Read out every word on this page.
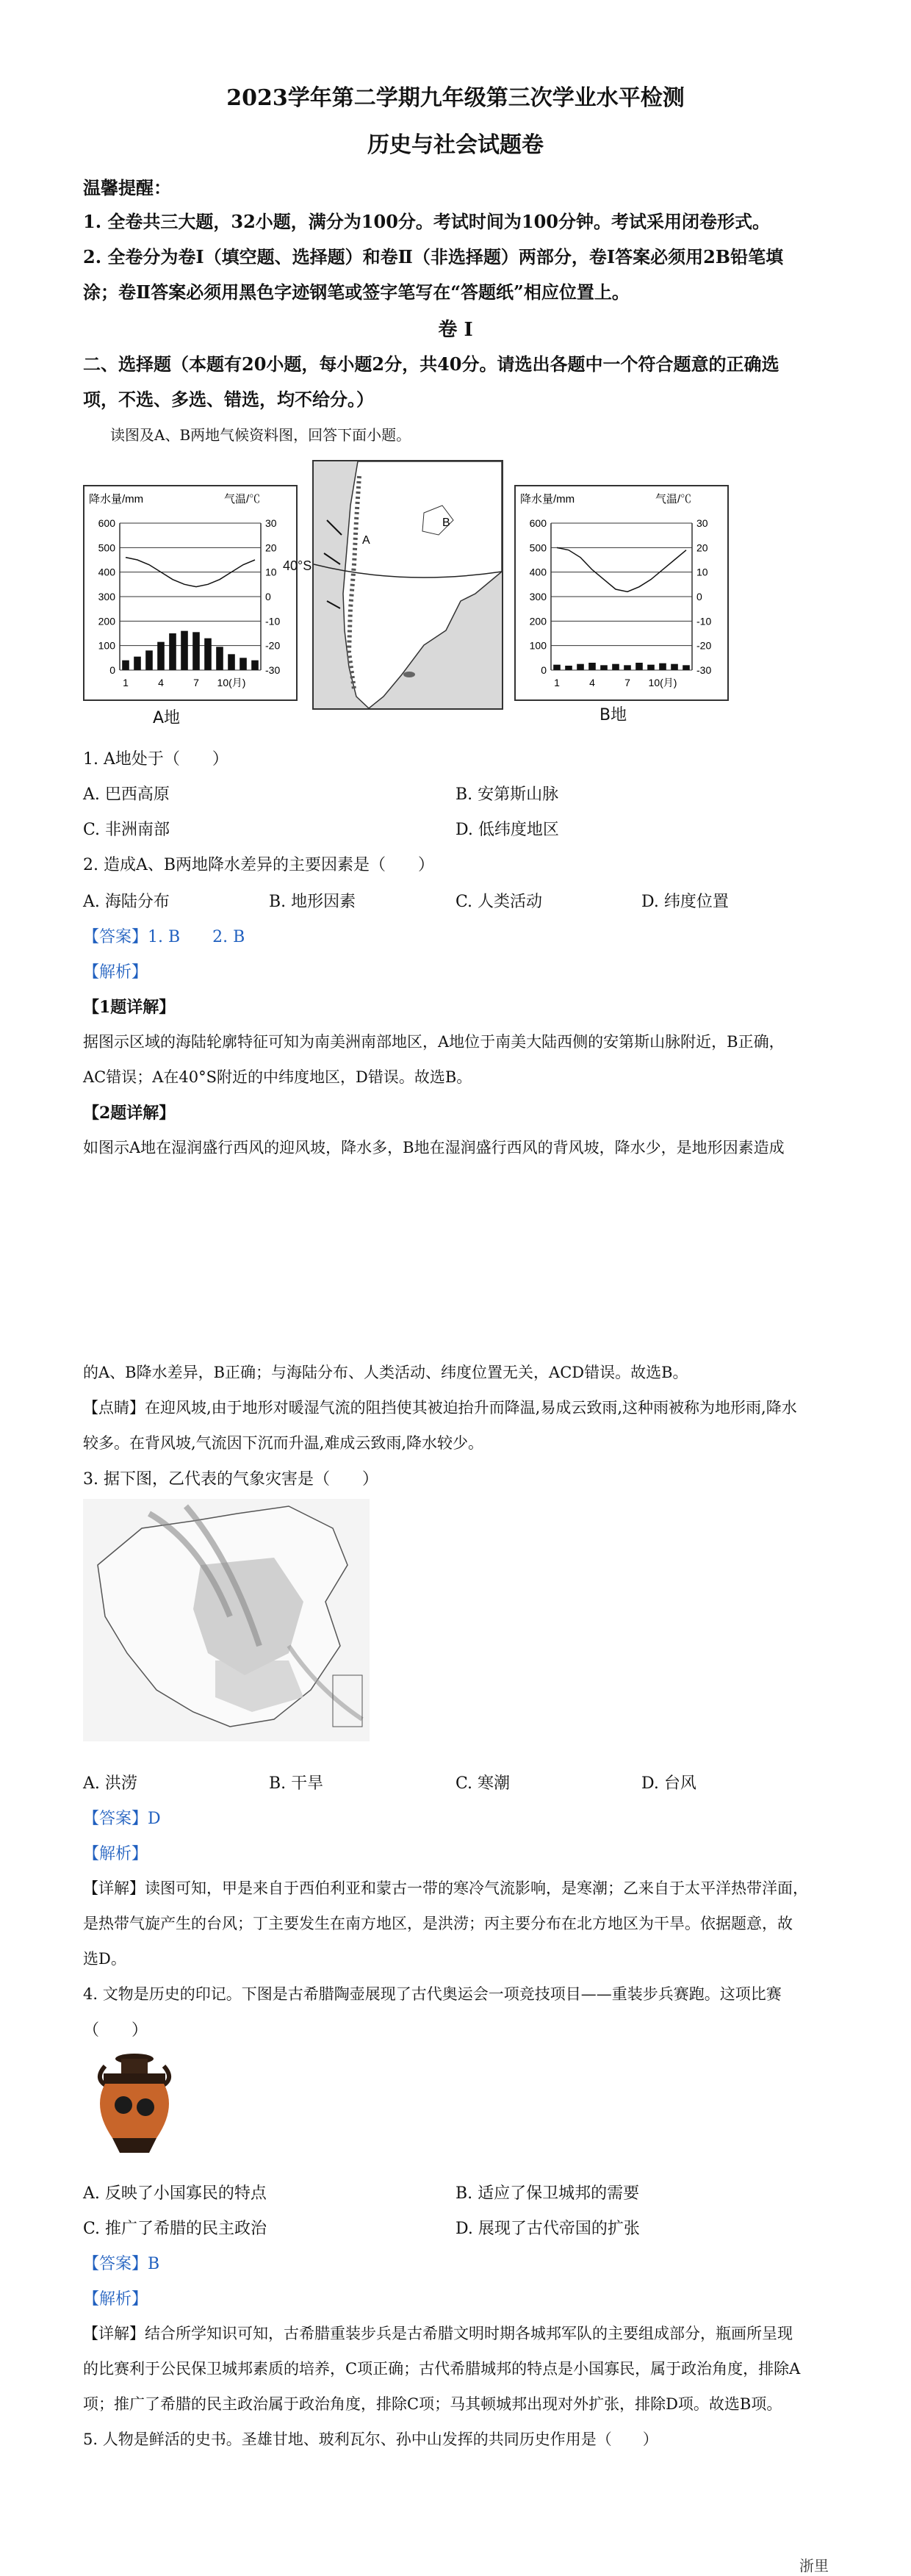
2023学年第二学期九年级第三次学业水平检测
历史与社会试题卷
温馨提醒：
1. 全卷共三大题，32小题，满分为100分。考试时间为100分钟。考试采用闭卷形式。
2. 全卷分为卷Ⅰ（填空题、选择题）和卷Ⅱ（非选择题）两部分，卷Ⅰ答案必须用2B铅笔填
涂；卷Ⅱ答案必须用黑色字迹钢笔或签字笔写在“答题纸”相应位置上。
卷 Ⅰ
二、选择题（本题有20小题，每小题2分，共40分。请选出各题中一个符合题意的正确选
项，不选、多选、错选，均不给分。）
读图及A、B两地气候资料图，回答下面小题。
降水量/mm	气温/℃
600
500
400
300
200
100
0
30
20
10
0
-10
-20
-30
1	4	7 10(月)
A地
A
B
40°S
降水量/mm	气温/℃
600
500
400
300
200
100
0
30
20
10
0
-10
-20
-30
1	4	7 10(月)
B地
1. A地处于（　　）
A. 巴西高原	B. 安第斯山脉
C. 非洲南部	D. 低纬度地区
2. 造成A、B两地降水差异的主要因素是（　　）
A. 海陆分布	B. 地形因素	C. 人类活动	D. 纬度位置
【答案】1. B　　2. B
【解析】
【1题详解】
据图示区域的海陆轮廓特征可知为南美洲南部地区，A地位于南美大陆西侧的安第斯山脉附近，B正确，
AC错误；A在40°S附近的中纬度地区，D错误。故选B。
【2题详解】
如图示A地在湿润盛行西风的迎风坡，降水多，B地在湿润盛行西风的背风坡，降水少，是地形因素造成
的A、B降水差异，B正确；与海陆分布、人类活动、纬度位置无关，ACD错误。故选B。
【点睛】在迎风坡,由于地形对暖湿气流的阻挡使其被迫抬升而降温,易成云致雨,这种雨被称为地形雨,降水
较多。在背风坡,气流因下沉而升温,难成云致雨,降水较少。
3. 据下图，乙代表的气象灾害是（　　）
A. 洪涝	B. 干旱	C. 寒潮	D. 台风
【答案】D
【解析】
【详解】读图可知，甲是来自于西伯利亚和蒙古一带的寒冷气流影响，是寒潮；乙来自于太平洋热带洋面，
是热带气旋产生的台风；丁主要发生在南方地区，是洪涝；丙主要分布在北方地区为干旱。依据题意，故
选D。
4. 文物是历史的印记。下图是古希腊陶壶展现了古代奥运会一项竞技项目——重装步兵赛跑。这项比赛
（　　）
A. 反映了小国寡民的特点	B. 适应了保卫城邦的需要
C. 推广了希腊的民主政治	D. 展现了古代帝国的扩张
【答案】B
【解析】
【详解】结合所学知识可知，古希腊重装步兵是古希腊文明时期各城邦军队的主要组成部分，瓶画所呈现
的比赛利于公民保卫城邦素质的培养，C项正确；古代希腊城邦的特点是小国寡民，属于政治角度，排除A
项；推广了希腊的民主政治属于政治角度，排除C项；马其顿城邦出现对外扩张，排除D项。故选B项。
5. 人物是鲜活的史书。圣雄甘地、玻利瓦尔、孙中山发挥的共同历史作用是（　　）
浙里
